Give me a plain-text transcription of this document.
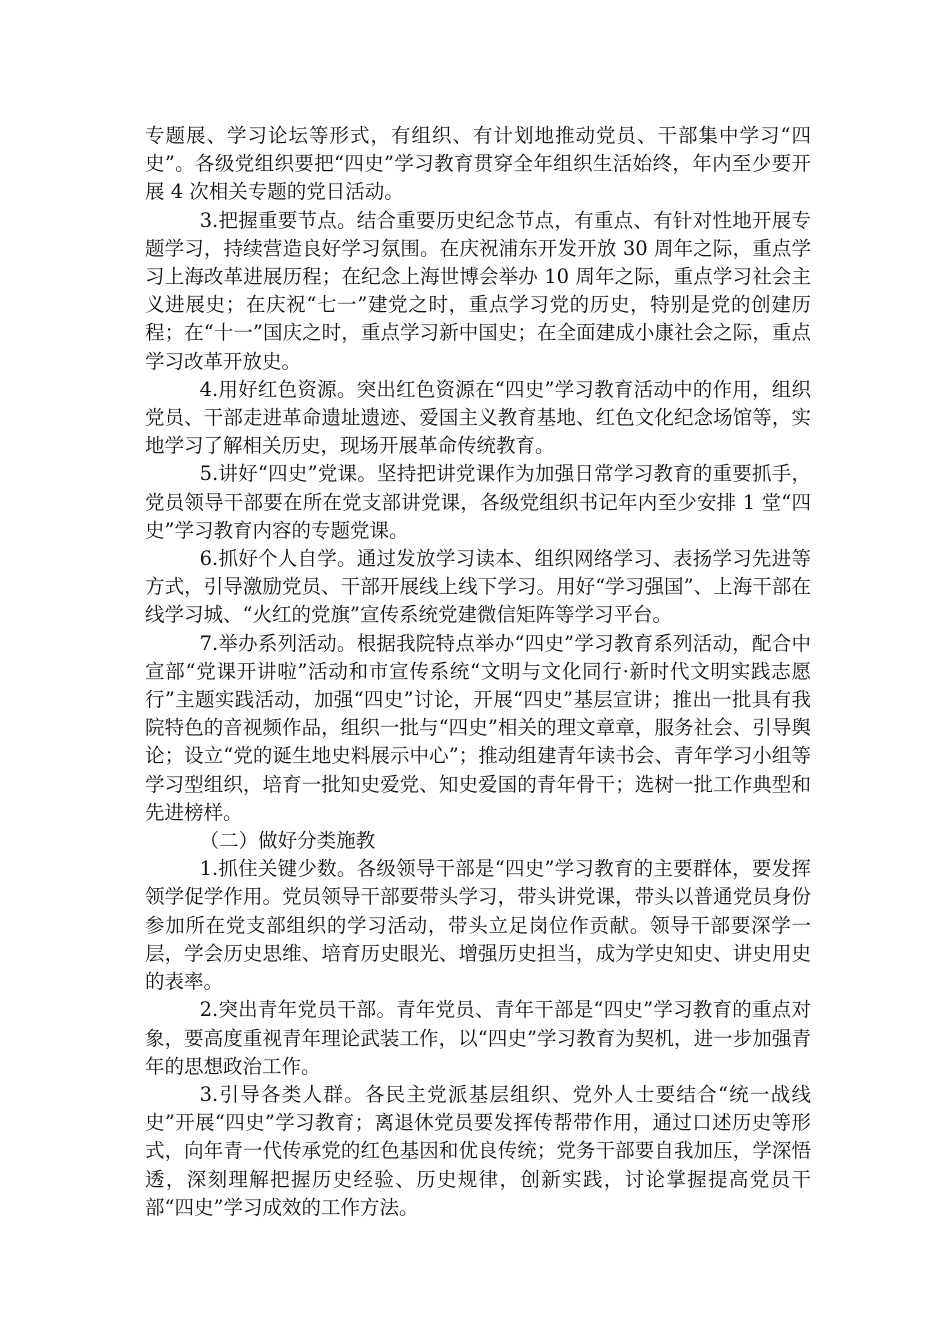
专题展、学习论坛等形式，有组织、有计划地推动党员、干部集中学习“四史”。各级党组织要把“四史”学习教育贯穿全年组织生活始终，年内至少要开展 4 次相关专题的党日活动。

3.把握重要节点。结合重要历史纪念节点，有重点、有针对性地开展专题学习，持续营造良好学习氛围。在庆祝浦东开发开放 30 周年之际，重点学习上海改革进展历程；在纪念上海世博会举办 10 周年之际，重点学习社会主义进展史；在庆祝“七一”建党之时，重点学习党的历史，特别是党的创建历程；在“十一”国庆之时，重点学习新中国史；在全面建成小康社会之际，重点学习改革开放史。

4.用好红色资源。突出红色资源在“四史”学习教育活动中的作用，组织党员、干部走进革命遗址遗迹、爱国主义教育基地、红色文化纪念场馆等，实地学习了解相关历史，现场开展革命传统教育。

5.讲好“四史”党课。坚持把讲党课作为加强日常学习教育的重要抓手，党员领导干部要在所在党支部讲党课，各级党组织书记年内至少安排 1 堂“四史”学习教育内容的专题党课。

6.抓好个人自学。通过发放学习读本、组织网络学习、表扬学习先进等方式，引导激励党员、干部开展线上线下学习。用好“学习强国”、上海干部在线学习城、“火红的党旗”宣传系统党建微信矩阵等学习平台。

7.举办系列活动。根据我院特点举办“四史”学习教育系列活动，配合中宣部“党课开讲啦”活动和市宣传系统“文明与文化同行·新时代文明实践志愿行”主题实践活动，加强“四史”讨论，开展“四史”基层宣讲；推出一批具有我院特色的音视频作品，组织一批与“四史”相关的理文章章，服务社会、引导舆论；设立“党的诞生地史料展示中心”；推动组建青年读书会、青年学习小组等学习型组织，培育一批知史爱党、知史爱国的青年骨干；选树一批工作典型和先进榜样。

（二）做好分类施教

1.抓住关键少数。各级领导干部是“四史”学习教育的主要群体，要发挥领学促学作用。党员领导干部要带头学习，带头讲党课，带头以普通党员身份参加所在党支部组织的学习活动，带头立足岗位作贡献。领导干部要深学一层，学会历史思维、培育历史眼光、增强历史担当，成为学史知史、讲史用史的表率。

2.突出青年党员干部。青年党员、青年干部是“四史”学习教育的重点对象，要高度重视青年理论武装工作，以“四史”学习教育为契机，进一步加强青年的思想政治工作。

3.引导各类人群。各民主党派基层组织、党外人士要结合“统一战线史”开展“四史”学习教育；离退休党员要发挥传帮带作用，通过口述历史等形式，向年青一代传承党的红色基因和优良传统；党务干部要自我加压，学深悟透，深刻理解把握历史经验、历史规律，创新实践，讨论掌握提高党员干部“四史”学习成效的工作方法。
